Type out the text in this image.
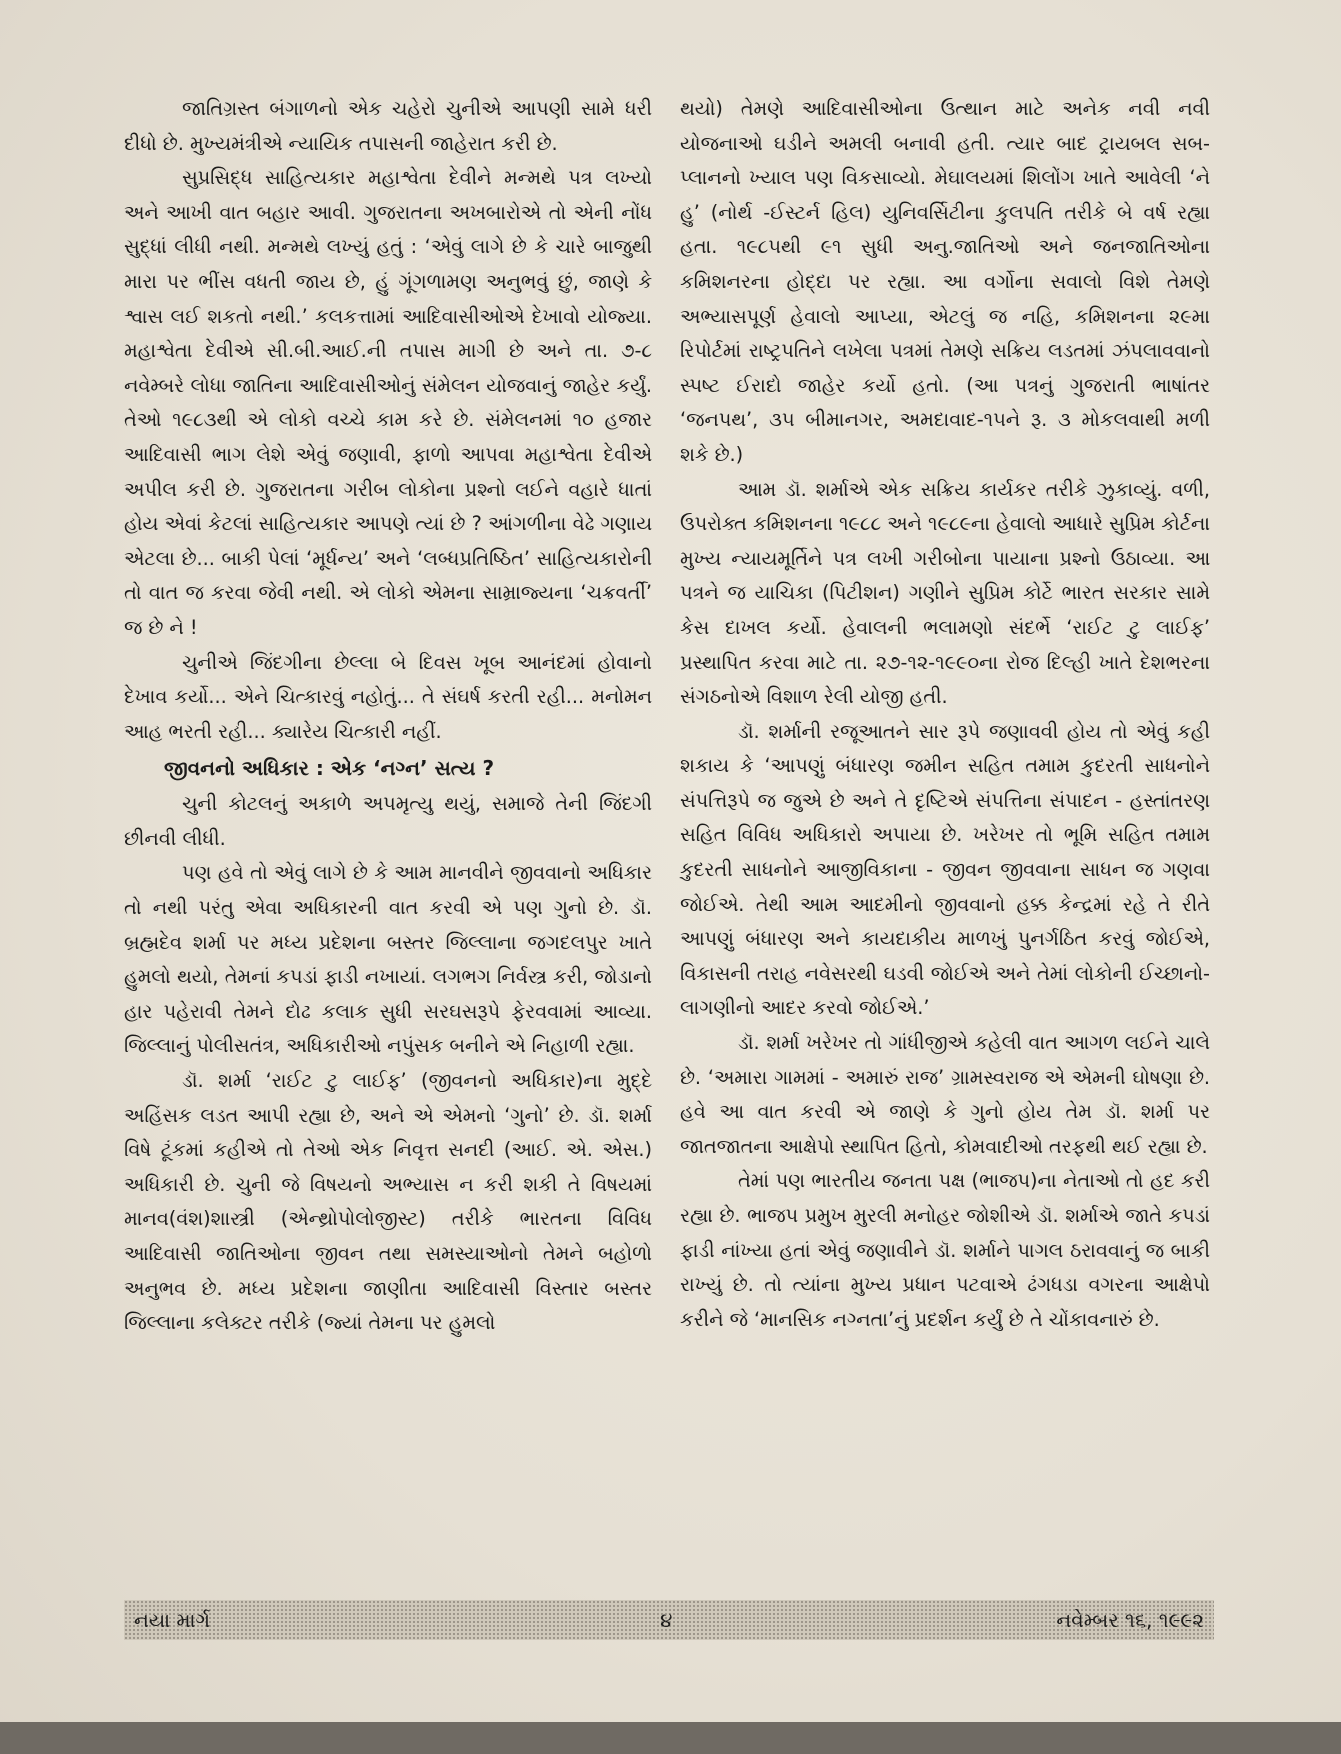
જાતિગ્રસ્ત બંગાળનો એક ચહેરો ચુનીએ આપણી સામે ધરી દીધો છે. મુખ્યમંત્રીએ ન્યાયિક તપાસની જાહેરાત કરી છે.

સુપ્રસિદ્ધ સાહિત્યકાર મહાશ્વેતા દેવીને મન્મથે પત્ર લખ્યો અને આખી વાત બહાર આવી. ગુજરાતના અખબારોએ તો એની નોંધ સુદ્ધાં લીધી નથી. મન્મથે લખ્યું હતું : ‘એવું લાગે છે કે ચારે બાજુથી મારા પર ભીંસ વધતી જાય છે, હું ગૂંગળામણ અનુભવું છું, જાણે કે શ્વાસ લઈ શકતો નથી.’ કલકત્તામાં આદિવાસીઓએ દેખાવો યોજ્યા. મહાશ્વેતા દેવીએ સી.બી.આઈ.ની તપાસ માગી છે અને તા. ૭-૮ નવેમ્બરે લોધા જાતિના આદિવાસીઓનું સંમેલન યોજવાનું જાહેર કર્યું. તેઓ ૧૯૮૩થી એ લોકો વચ્ચે કામ કરે છે. સંમેલનમાં ૧૦ હજાર આદિવાસી ભાગ લેશે એવું જણાવી, ફાળો આપવા મહાશ્વેતા દેવીએ અપીલ કરી છે. ગુજરાતના ગરીબ લોકોના પ્રશ્નો લઈને વહારે ધાતાં હોય એવાં કેટલાં સાહિત્યકાર આપણે ત્યાં છે ? આંગળીના વેઢે ગણાય એટલા છે... બાકી પેલાં ‘મૂર્ધન્ય’ અને ‘લબ્ધપ્રતિષ્ઠિત’ સાહિત્યકારોની તો વાત જ કરવા જેવી નથી. એ લોકો એમના સામ્રાજ્યના ‘ચક્રવર્તી’ જ છે ને !

ચુનીએ જિંદગીના છેલ્લા બે દિવસ ખૂબ આનંદમાં હોવાનો દેખાવ કર્યો... એને ચિત્કારવું નહોતું... તે સંઘર્ષ કરતી રહી... મનોમન આહ ભરતી રહી... ક્યારેય ચિત્કારી નહીં.

જીવનનો અધિકાર : એક ‘નગ્ન’ સત્ય ?

ચુની કોટલનું અકાળે અપમૃત્યુ થયું, સમાજે તેની જિંદગી છીનવી લીધી.

પણ હવે તો એવું લાગે છે કે આમ માનવીને જીવવાનો અધિકાર તો નથી પરંતુ એવા અધિકારની વાત કરવી એ પણ ગુનો છે. ડૉ. બ્રહ્મદેવ શર્મા પર મધ્ય પ્રદેશના બસ્તર જિલ્લાના જગદલપુર ખાતે હુમલો થયો, તેમનાં કપડાં ફાડી નખાયાં. લગભગ નિર્વસ્ત્ર કરી, જોડાનો હાર પહેરાવી તેમને દોઢ કલાક સુધી સરઘસરૂપે ફેરવવામાં આવ્યા. જિલ્લાનું પોલીસતંત્ર, અધિકારીઓ નપુંસક બનીને એ નિહાળી રહ્યા.

ડૉ. શર્મા ‘રાઈટ ટુ લાઈફ’ (જીવનનો અધિકાર)ના મુદ્દે અહિંસક લડત આપી રહ્યા છે, અને એ એમનો ‘ગુનો’ છે. ડૉ. શર્મા વિષે ટૂંકમાં કહીએ તો તેઓ એક નિવૃત્ત સનદી (આઈ. એ. એસ.) અધિકારી છે. ચુની જે વિષયનો અભ્યાસ ન કરી શકી તે વિષયમાં માનવ(વંશ)શાસ્ત્રી (એન્થ્રોપોલોજીસ્ટ) તરીકે ભારતના વિવિધ આદિવાસી જાતિઓના જીવન તથા સમસ્યાઓનો તેમને બહોળો અનુભવ છે. મધ્ય પ્રદેશના જાણીતા આદિવાસી વિસ્તાર બસ્તર જિલ્લાના કલેક્ટર તરીકે (જ્યાં તેમના પર હુમલો

થયો) તેમણે આદિવાસીઓના ઉત્થાન માટે અનેક નવી નવી યોજનાઓ ઘડીને અમલી બનાવી હતી. ત્યાર બાદ ટ્રાયબલ સબ-પ્લાનનો ખ્યાલ પણ વિકસાવ્યો. મેઘાલયમાં શિલોંગ ખાતે આવેલી ‘ને હુ’ (નોર્થ -ઈસ્ટર્ન હિલ) યુનિવર્સિટીના કુલપતિ તરીકે બે વર્ષ રહ્યા હતા. ૧૯૮૫થી ૯૧ સુધી અનુ.જાતિઓ અને જનજાતિઓના કમિશનરના હોદ્દા પર રહ્યા. આ વર્ગોના સવાલો વિશે તેમણે અભ્યાસપૂર્ણ હેવાલો આપ્યા, એટલું જ નહિ, કમિશનના ૨૯મા રિપોર્ટમાં રાષ્ટ્રપતિને લખેલા પત્રમાં તેમણે સક્રિય લડતમાં ઝંપલાવવાનો સ્પષ્ટ ઈરાદો જાહેર કર્યો હતો. (આ પત્રનું ગુજરાતી ભાષાંતર ‘જનપથ’, ૩૫ બીમાનગર, અમદાવાદ-૧૫ને રૂ. ૩ મોકલવાથી મળી શકે છે.)

આમ ડૉ. શર્માએ એક સક્રિય કાર્યકર તરીકે ઝુકાવ્યું. વળી, ઉપરોક્ત કમિશનના ૧૯૮૮ અને ૧૯૮૯ના હેવાલો આધારે સુપ્રિમ કોર્ટના મુખ્ય ન્યાયમૂર્તિને પત્ર લખી ગરીબોના પાયાના પ્રશ્નો ઉઠાવ્યા. આ પત્રને જ યાચિકા (પિટીશન) ગણીને સુપ્રિમ કોર્ટે ભારત સરકાર સામે કેસ દાખલ કર્યો. હેવાલની ભલામણો સંદર્ભે ‘રાઈટ ટુ લાઈફ’ પ્રસ્થાપિત કરવા માટે તા. ૨૭-૧૨-૧૯૯૦ના રોજ દિલ્હી ખાતે દેશભરના સંગઠનોએ વિશાળ રેલી યોજી હતી.

ડૉ. શર્માની રજૂઆતને સાર રૂપે જણાવવી હોય તો એવું કહી શકાય કે ‘આપણું બંધારણ જમીન સહિત તમામ કુદરતી સાધનોને સંપત્તિરૂપે જ જુએ છે અને તે દૃષ્ટિએ સંપત્તિના સંપાદન - હસ્તાંતરણ સહિત વિવિધ અધિકારો અપાયા છે. ખરેખર તો ભૂમિ સહિત તમામ કુદરતી સાધનોને આજીવિકાના - જીવન જીવવાના સાધન જ ગણવા જોઈએ. તેથી આમ આદમીનો જીવવાનો હક્ક કેન્દ્રમાં રહે તે રીતે આપણું બંધારણ અને કાયદાકીય માળખું પુનર્ગઠિત કરવું જોઈએ, વિકાસની તરાહ નવેસરથી ઘડવી જોઈએ અને તેમાં લોકોની ઈચ્છાનો-લાગણીનો આદર કરવો જોઈએ.’

ડૉ. શર્મા ખરેખર તો ગાંધીજીએ કહેલી વાત આગળ લઈને ચાલે છે. ‘અમારા ગામમાં - અમારું રાજ’ ગ્રામસ્વરાજ એ એમની ઘોષણા છે. હવે આ વાત કરવી એ જાણે કે ગુનો હોય તેમ ડૉ. શર્મા પર જાતજાતના આક્ષેપો સ્થાપિત હિતો, કોમવાદીઓ તરફથી થઈ રહ્યા છે.

તેમાં પણ ભારતીય જનતા પક્ષ (ભાજપ)ના નેતાઓ તો હદ કરી રહ્યા છે. ભાજપ પ્રમુખ મુરલી મનોહર જોશીએ ડૉ. શર્માએ જાતે કપડાં ફાડી નાંખ્યા હતાં એવું જણાવીને ડૉ. શર્માને પાગલ ઠરાવવાનું જ બાકી રાખ્યું છે. તો ત્યાંના મુખ્ય પ્રધાન પટવાએ ઢંગધડા વગરના આક્ષેપો કરીને જે ‘માનસિક નગ્નતા’નું પ્રદર્શન કર્યું છે તે ચોંકાવનારું છે.

નયા માર્ગ	૪	નવેમ્બર ૧૬, ૧૯૯૨
